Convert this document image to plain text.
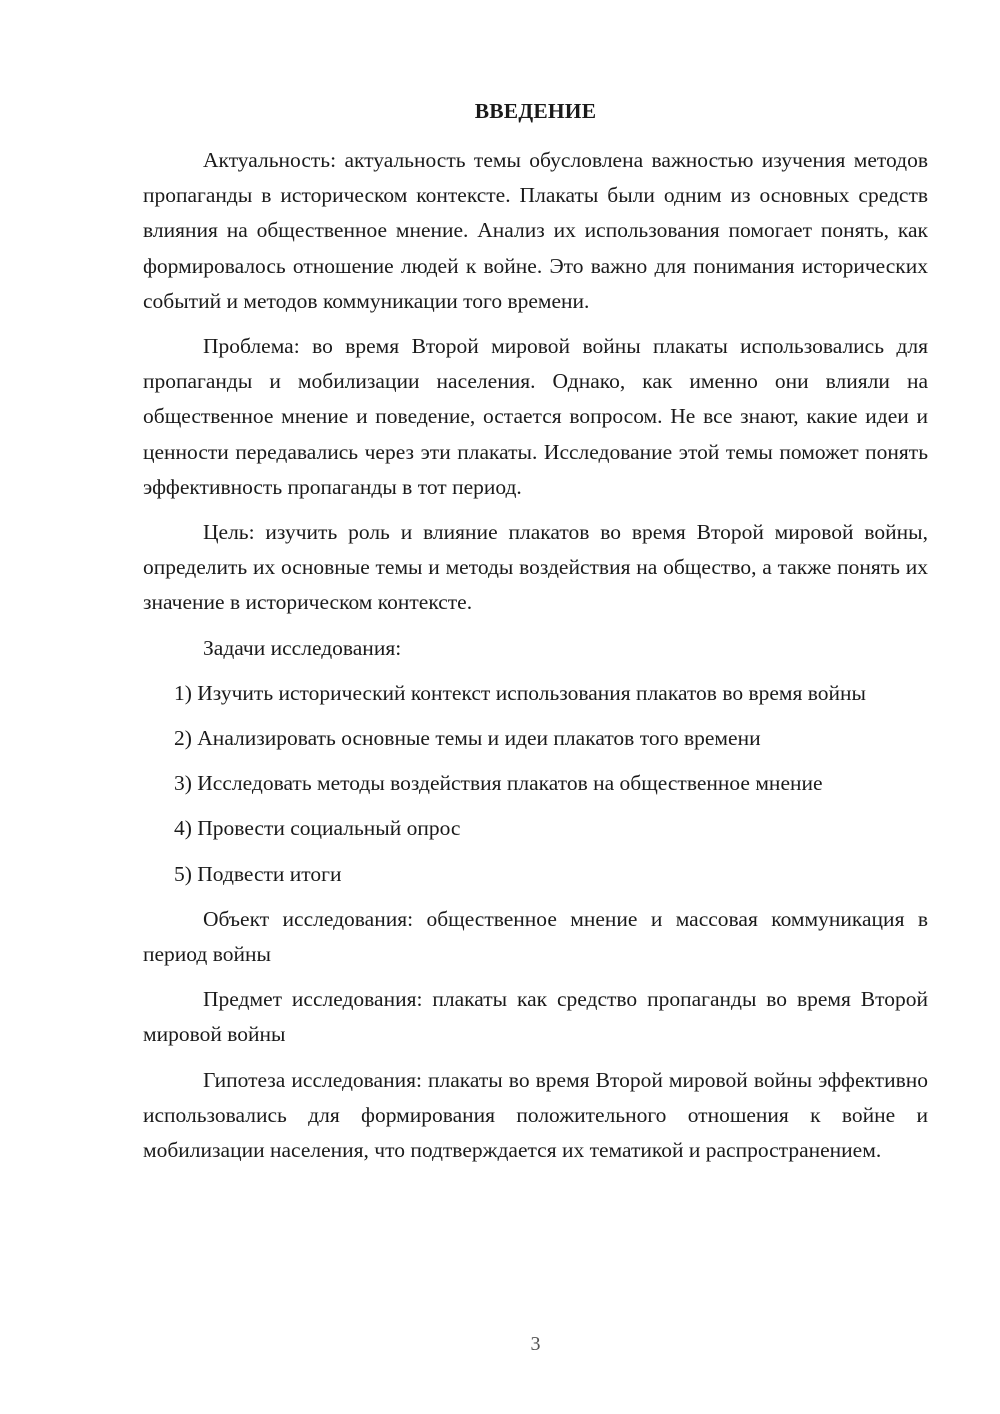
ВВЕДЕНИЕ

Актуальность: актуальность темы обусловлена важностью изучения методов пропаганды в историческом контексте. Плакаты были одним из основных средств влияния на общественное мнение. Анализ их использования помогает понять, как формировалось отношение людей к войне. Это важно для понимания исторических событий и методов коммуникации того времени.

Проблема: во время Второй мировой войны плакаты использовались для пропаганды и мобилизации населения. Однако, как именно они влияли на общественное мнение и поведение, остается вопросом. Не все знают, какие идеи и ценности передавались через эти плакаты. Исследование этой темы поможет понять эффективность пропаганды в тот период.

Цель: изучить роль и влияние плакатов во время Второй мировой войны, определить их основные темы и методы воздействия на общество, а также понять их значение в историческом контексте.

Задачи исследования:

1) Изучить исторический контекст использования плакатов во время войны

2) Анализировать основные темы и идеи плакатов того времени

3) Исследовать методы воздействия плакатов на общественное мнение

4) Провести социальный опрос

5) Подвести итоги

Объект исследования: общественное мнение и массовая коммуникация в период войны

Предмет исследования: плакаты как средство пропаганды во время Второй мировой войны

Гипотеза исследования: плакаты во время Второй мировой войны эффективно использовались для формирования положительного отношения к войне и мобилизации населения, что подтверждается их тематикой и распространением.

3
